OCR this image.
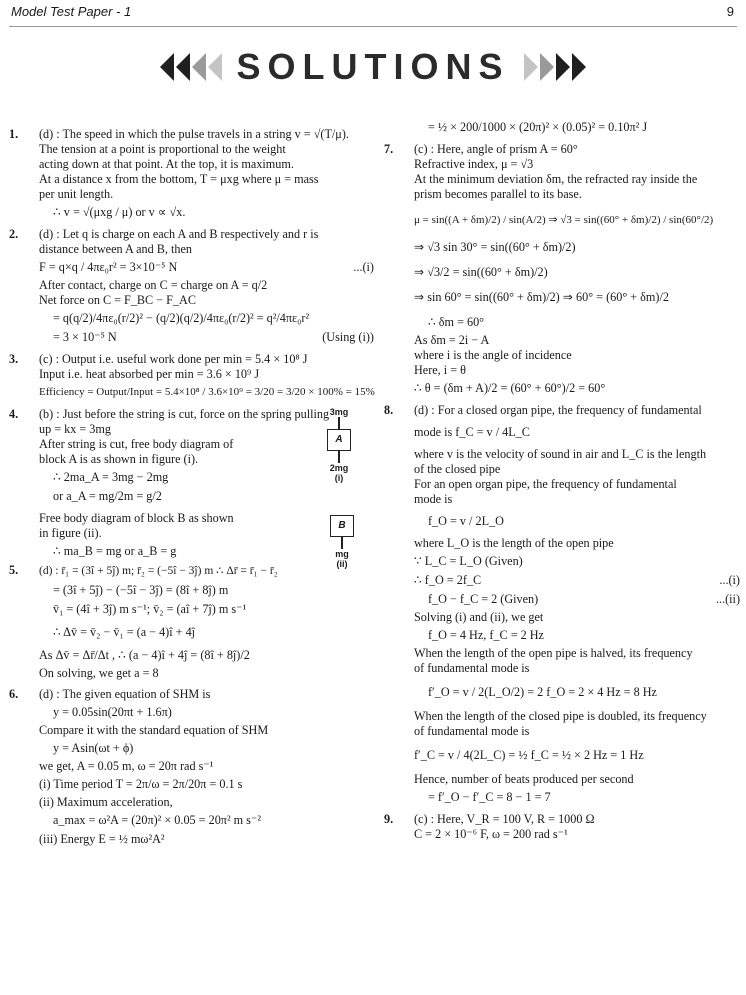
Model Test Paper - 1	9
SOLUTIONS
1. (d) : The speed in which the pulse travels in a string v = √(T/μ).
The tension at a point is proportional to the weight
acting down at that point. At the top, it is maximum.
At a distance x from the bottom, T = μxg where μ = mass
per unit length.
∴ v = √(μxg / μ) or v ∝ √x.
2. (d) : Let q is charge on each A and B respectively and r is
distance between A and B, then
F = q×q / 4πε₀r² = 3×10⁻⁵ N	...(i)
After contact, charge on C = charge on A = q/2
Net force on C = F_BC − F_AC
= q(q/2)/4πε₀(r/2)² − (q/2)(q/2)/4πε₀(r/2)² = q²/4πε₀r²
= 3 × 10⁻⁵ N	(Using (i))
3. (c) : Output i.e. useful work done per min = 5.4 × 10⁸ J
Input i.e. heat absorbed per min = 3.6 × 10⁹ J
Efficiency = Output/Input = 5.4×10⁸ / 3.6×10⁹ = 3/20 = 3/20 × 100% = 15%
4. (b) : Just before the string is cut, force on the spring pulling
up = kx = 3mg
After string is cut, free body diagram of
block A is as shown in figure (i).
∴ 2ma_A = 3mg − 2mg
or a_A = mg/2m = g/2
Free body diagram of block B as shown
in figure (ii).
∴ ma_B = mg or a_B = g
3mg
A
2mg
(i)
B
mg
(ii)
5. (d) : r̄₁ = (3î + 5ĵ) m; r̄₂ = (−5î − 3ĵ) m ∴ Δr̄ = r̄₁ − r̄₂
= (3î + 5ĵ) − (−5î − 3ĵ) = (8î + 8ĵ) m
v̄₁ = (4î + 3ĵ) m s⁻¹; v̄₂ = (aî + 7ĵ) m s⁻¹
∴ Δv̄ = v̄₂ − v̄₁ = (a − 4)î + 4ĵ
As Δv̄ = Δr̄/Δt , ∴ (a − 4)î + 4ĵ = (8î + 8ĵ)/2
On solving, we get a = 8
6. (d) : The given equation of SHM is
y = 0.05sin(20πt + 1.6π)
Compare it with the standard equation of SHM
y = Asin(ωt + ϕ)
we get, A = 0.05 m, ω = 20π rad s⁻¹
(i) Time period T = 2π/ω = 2π/20π = 0.1 s
(ii) Maximum acceleration,
a_max = ω²A = (20π)² × 0.05 = 20π² m s⁻²
(iii) Energy E = ½ mω²A²
= ½ × 200/1000 × (20π)² × (0.05)² = 0.10π² J
7. (c) : Here, angle of prism A = 60°
Refractive index, μ = √3
At the minimum deviation δm, the refracted ray inside the
prism becomes parallel to its base.
μ = sin((A + δm)/2) / sin(A/2) ⇒ √3 = sin((60° + δm)/2) / sin(60°/2)
⇒ √3 sin 30° = sin((60° + δm)/2)
⇒ √3/2 = sin((60° + δm)/2)
⇒ sin 60° = sin((60° + δm)/2) ⇒ 60° = (60° + δm)/2
∴ δm = 60°
As δm = 2i − A
where i is the angle of incidence
Here, i = θ
∴ θ = (δm + A)/2 = (60° + 60°)/2 = 60°
8. (d) : For a closed organ pipe, the frequency of fundamental
mode is f_C = v / 4L_C
where v is the velocity of sound in air and L_C is the length
of the closed pipe
For an open organ pipe, the frequency of fundamental
mode is
f_O = v / 2L_O
where L_O is the length of the open pipe
∵ L_C = L_O (Given)
∴ f_O = 2f_C	...(i)
f_O − f_C = 2 (Given)	...(ii)
Solving (i) and (ii), we get
f_O = 4 Hz, f_C = 2 Hz
When the length of the open pipe is halved, its frequency
of fundamental mode is
f′_O = v / 2(L_O/2) = 2 f_O = 2 × 4 Hz = 8 Hz
When the length of the closed pipe is doubled, its frequency
of fundamental mode is
f′_C = v / 4(2L_C) = ½ f_C = ½ × 2 Hz = 1 Hz
Hence, number of beats produced per second
= f′_O − f′_C = 8 − 1 = 7
9. (c) : Here, V_R = 100 V, R = 1000 Ω
C = 2 × 10⁻⁶ F, ω = 200 rad s⁻¹
